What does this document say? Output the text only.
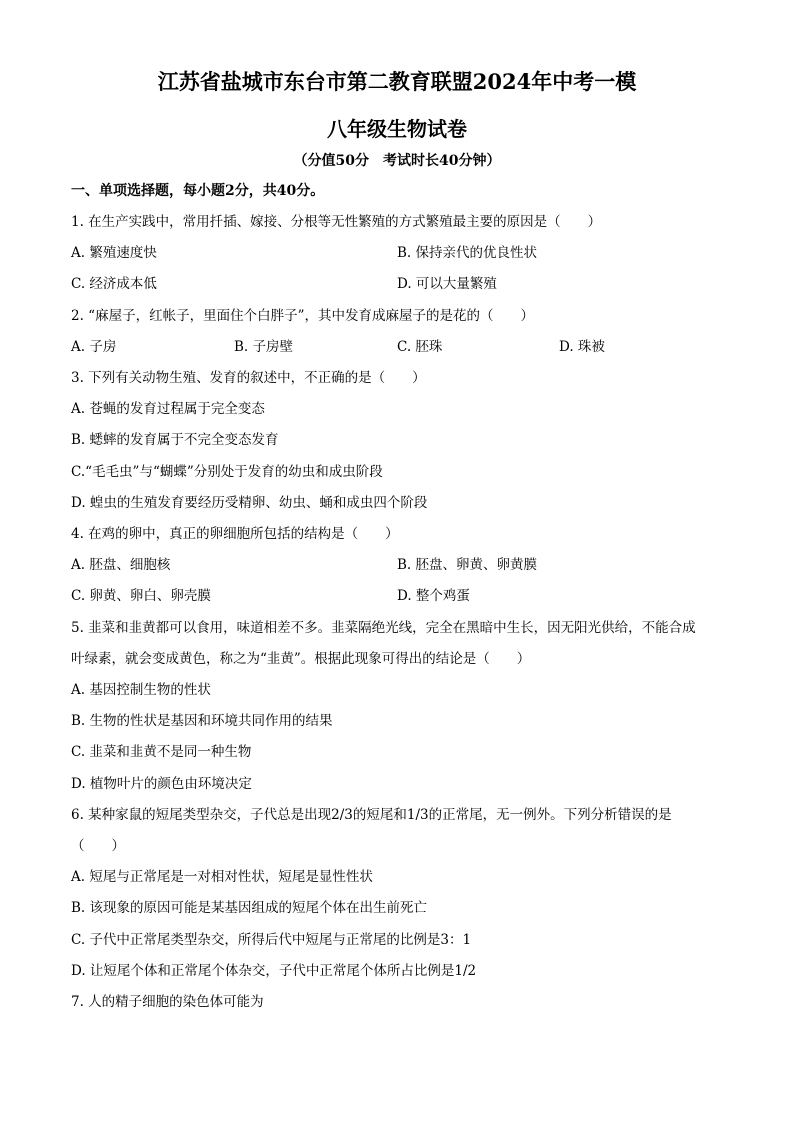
江苏省盐城市东台市第二教育联盟2024年中考一模
八年级生物试卷
（分值50分　考试时长40分钟）
一、单项选择题，每小题2分，共40分。
1. 在生产实践中，常用扦插、嫁接、分根等无性繁殖的方式繁殖最主要的原因是（　　）
A. 繁殖速度快	B. 保持亲代的优良性状
C. 经济成本低	D. 可以大量繁殖
2. “麻屋子，红帐子，里面住个白胖子”，其中发育成麻屋子的是花的（　　）
A. 子房	B. 子房壁	C. 胚珠	D. 珠被
3. 下列有关动物生殖、发育的叙述中，不正确的是（　　）
A. 苍蝇的发育过程属于完全变态
B. 蟋蟀的发育属于不完全变态发育
C.“毛毛虫”与“蝴蝶”分别处于发育的幼虫和成虫阶段
D. 蝗虫的生殖发育要经历受精卵、幼虫、蛹和成虫四个阶段
4. 在鸡的卵中，真正的卵细胞所包括的结构是（　　）
A. 胚盘、细胞核	B. 胚盘、卵黄、卵黄膜
C. 卵黄、卵白、卵壳膜	D. 整个鸡蛋
5. 韭菜和韭黄都可以食用，味道相差不多。韭菜隔绝光线，完全在黑暗中生长，因无阳光供给，不能合成
叶绿素，就会变成黄色，称之为“韭黄”。根据此现象可得出的结论是（　　）
A. 基因控制生物的性状
B. 生物的性状是基因和环境共同作用的结果
C. 韭菜和韭黄不是同一种生物
D. 植物叶片的颜色由环境决定
6. 某种家鼠的短尾类型杂交，子代总是出现2/3的短尾和1/3的正常尾，无一例外。下列分析错误的是
（　　）
A. 短尾与正常尾是一对相对性状，短尾是显性性状
B. 该现象的原因可能是某基因组成的短尾个体在出生前死亡
C. 子代中正常尾类型杂交，所得后代中短尾与正常尾的比例是3：1
D. 让短尾个体和正常尾个体杂交，子代中正常尾个体所占比例是1/2
7. 人的精子细胞的染色体可能为
